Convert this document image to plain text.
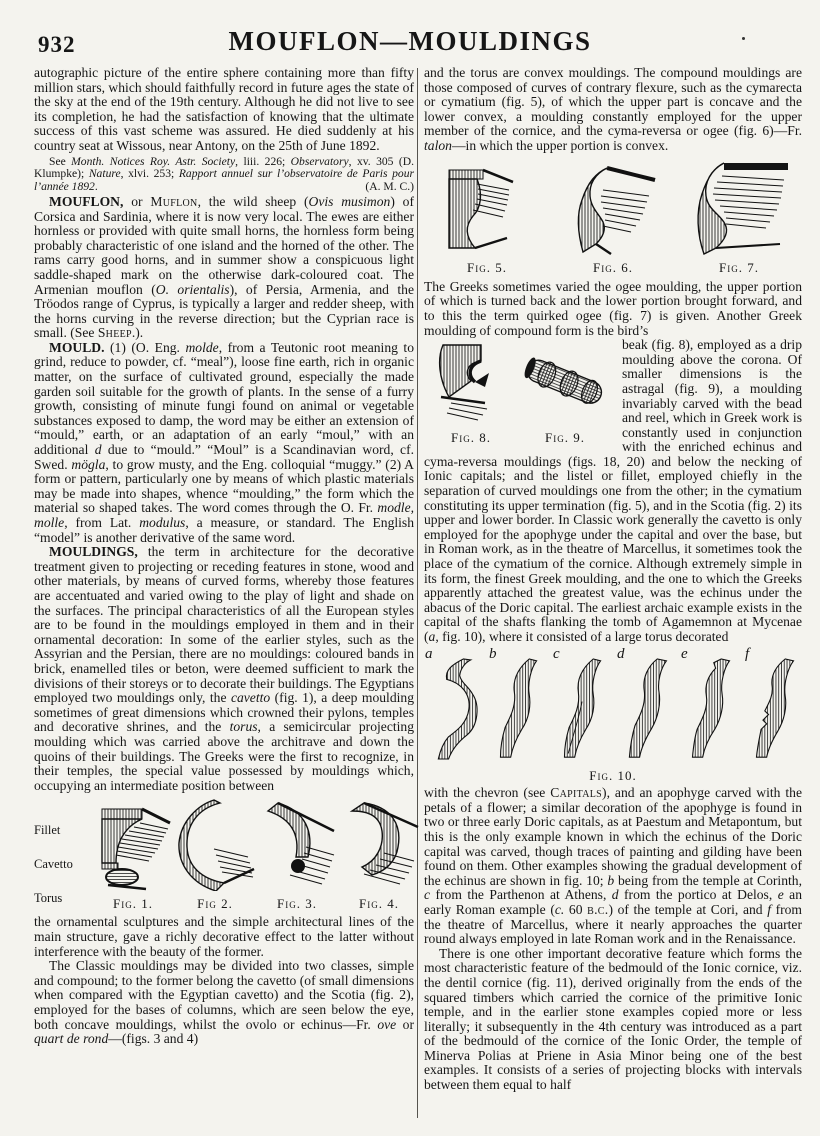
932	MOUFLON—MOULDINGS

autographic picture of the entire sphere containing more than fifty million stars, which should faithfully record in future ages the state of the sky at the end of the 19th century. Although he did not live to see its completion, he had the satisfaction of knowing that the ultimate success of this vast scheme was assured. He died suddenly at his country seat at Wissous, near Antony, on the 25th of June 1892.

See Month. Notices Roy. Astr. Society, liii. 226; Observatory, xv. 305 (D. Klumpke); Nature, xlvi. 253; Rapport annuel sur l’observatoire de Paris pour l’année 1892.	(A. M. C.)

MOUFLON, or Muflon, the wild sheep (Ovis musimon) of Corsica and Sardinia, where it is now very local. The ewes are either hornless or provided with quite small horns, the hornless form being probably characteristic of one island and the horned of the other. The rams carry good horns, and in summer show a conspicuous light saddle-shaped mark on the otherwise dark-coloured coat. The Armenian mouflon (O. orientalis), of Persia, Armenia, and the Tröodos range of Cyprus, is typically a larger and redder sheep, with the horns curving in the reverse direction; but the Cyprian race is small. (See Sheep.).

MOULD. (1) (O. Eng. molde, from a Teutonic root meaning to grind, reduce to powder, cf. “meal”), loose fine earth, rich in organic matter, on the surface of cultivated ground, especially the made garden soil suitable for the growth of plants. In the sense of a furry growth, consisting of minute fungi found on animal or vegetable substances exposed to damp, the word may be either an extension of “mould,” earth, or an adaptation of an early “moul,” with an additional d due to “mould.” “Moul” is a Scandinavian word, cf. Swed. mögla, to grow musty, and the Eng. colloquial “muggy.” (2) A form or pattern, particularly one by means of which plastic materials may be made into shapes, whence “moulding,” the form which the material so shaped takes. The word comes through the O. Fr. modle, molle, from Lat. modulus, a measure, or standard. The English “model” is another derivative of the same word.

MOULDINGS, the term in architecture for the decorative treatment given to projecting or receding features in stone, wood and other materials, by means of curved forms, whereby those features are accentuated and varied owing to the play of light and shade on the surfaces. The principal characteristics of all the European styles are to be found in the mouldings employed in them and in their ornamental decoration: In some of the earlier styles, such as the Assyrian and the Persian, there are no mouldings: coloured bands in brick, enamelled tiles or beton, were deemed sufficient to mark the divisions of their storeys or to decorate their buildings. The Egyptians employed two mouldings only, the cavetto (fig. 1), a deep moulding sometimes of great dimensions which crowned their pylons, temples and decorative shrines, and the torus, a semicircular projecting moulding which was carried above the architrave and down the quoins of their buildings. The Greeks were the first to recognize, in their temples, the special value possessed by mouldings which, occupying an intermediate position between

Fillet
Cavetto
Torus	Fig. 1.	Fig 2.	Fig. 3.	Fig. 4.

the ornamental sculptures and the simple architectural lines of the main structure, gave a richly decorative effect to the latter without interference with the beauty of the former.

The Classic mouldings may be divided into two classes, simple and compound; to the former belong the cavetto (of small dimensions when compared with the Egyptian cavetto) and the Scotia (fig. 2), employed for the bases of columns, which are seen below the eye, both concave mouldings, whilst the ovolo or echinus—Fr. ove or quart de rond—(figs. 3 and 4)

and the torus are convex mouldings. The compound mouldings are those composed of curves of contrary flexure, such as the cymarecta or cymatium (fig. 5), of which the upper part is concave and the lower convex, a moulding constantly employed for the upper member of the cornice, and the cyma-reversa or ogee (fig. 6)—Fr. talon—in which the upper portion is convex.

Fig. 5.	Fig. 6.	Fig. 7.

The Greeks sometimes varied the ogee moulding, the upper portion of which is turned back and the lower portion brought forward, and to this the term quirked ogee (fig. 7) is given. Another Greek moulding of compound form is the bird’s

Fig. 8.	Fig. 9.

beak (fig. 8), employed as a drip moulding above the corona. Of smaller dimensions is the astragal (fig. 9), a moulding invariably carved with the bead and reel, which in Greek work is constantly used in conjunction with the enriched echinus and cyma-reversa mouldings (figs. 18, 20) and below the necking of Ionic capitals; and the listel or fillet, employed chiefly in the separation of curved mouldings one from the other; in the cymatium constituting its upper termination (fig. 5), and in the Scotia (fig. 2) its upper and lower border. In Classic work generally the cavetto is only employed for the apophyge under the capital and over the base, but in Roman work, as in the theatre of Marcellus, it sometimes took the place of the cymatium of the cornice. Although extremely simple in its form, the finest Greek moulding, and the one to which the Greeks apparently attached the greatest value, was the echinus under the abacus of the Doric capital. The earliest archaic example exists in the capital of the shafts flanking the tomb of Agamemnon at Mycenae (a, fig. 10), where it consisted of a large torus decorated

a	b	c	d	e	f
Fig. 10.

with the chevron (see Capitals), and an apophyge carved with the petals of a flower; a similar decoration of the apophyge is found in two or three early Doric capitals, as at Paestum and Metapontum, but this is the only example known in which the echinus of the Doric capital was carved, though traces of painting and gilding have been found on them. Other examples showing the gradual development of the echinus are shown in fig. 10; b being from the temple at Corinth, c from the Parthenon at Athens, d from the portico at Delos, e an early Roman example (c. 60 b.c.) of the temple at Cori, and f from the theatre of Marcellus, where it nearly approaches the quarter round always employed in late Roman work and in the Renaissance.

There is one other important decorative feature which forms the most characteristic feature of the bedmould of the Ionic cornice, viz. the dentil cornice (fig. 11), derived originally from the ends of the squared timbers which carried the cornice of the primitive Ionic temple, and in the earlier stone examples copied more or less literally; it subsequently in the 4th century was introduced as a part of the bedmould of the cornice of the Ionic Order, the temple of Minerva Polias at Priene in Asia Minor being one of the best examples. It consists of a series of projecting blocks with intervals between them equal to half
